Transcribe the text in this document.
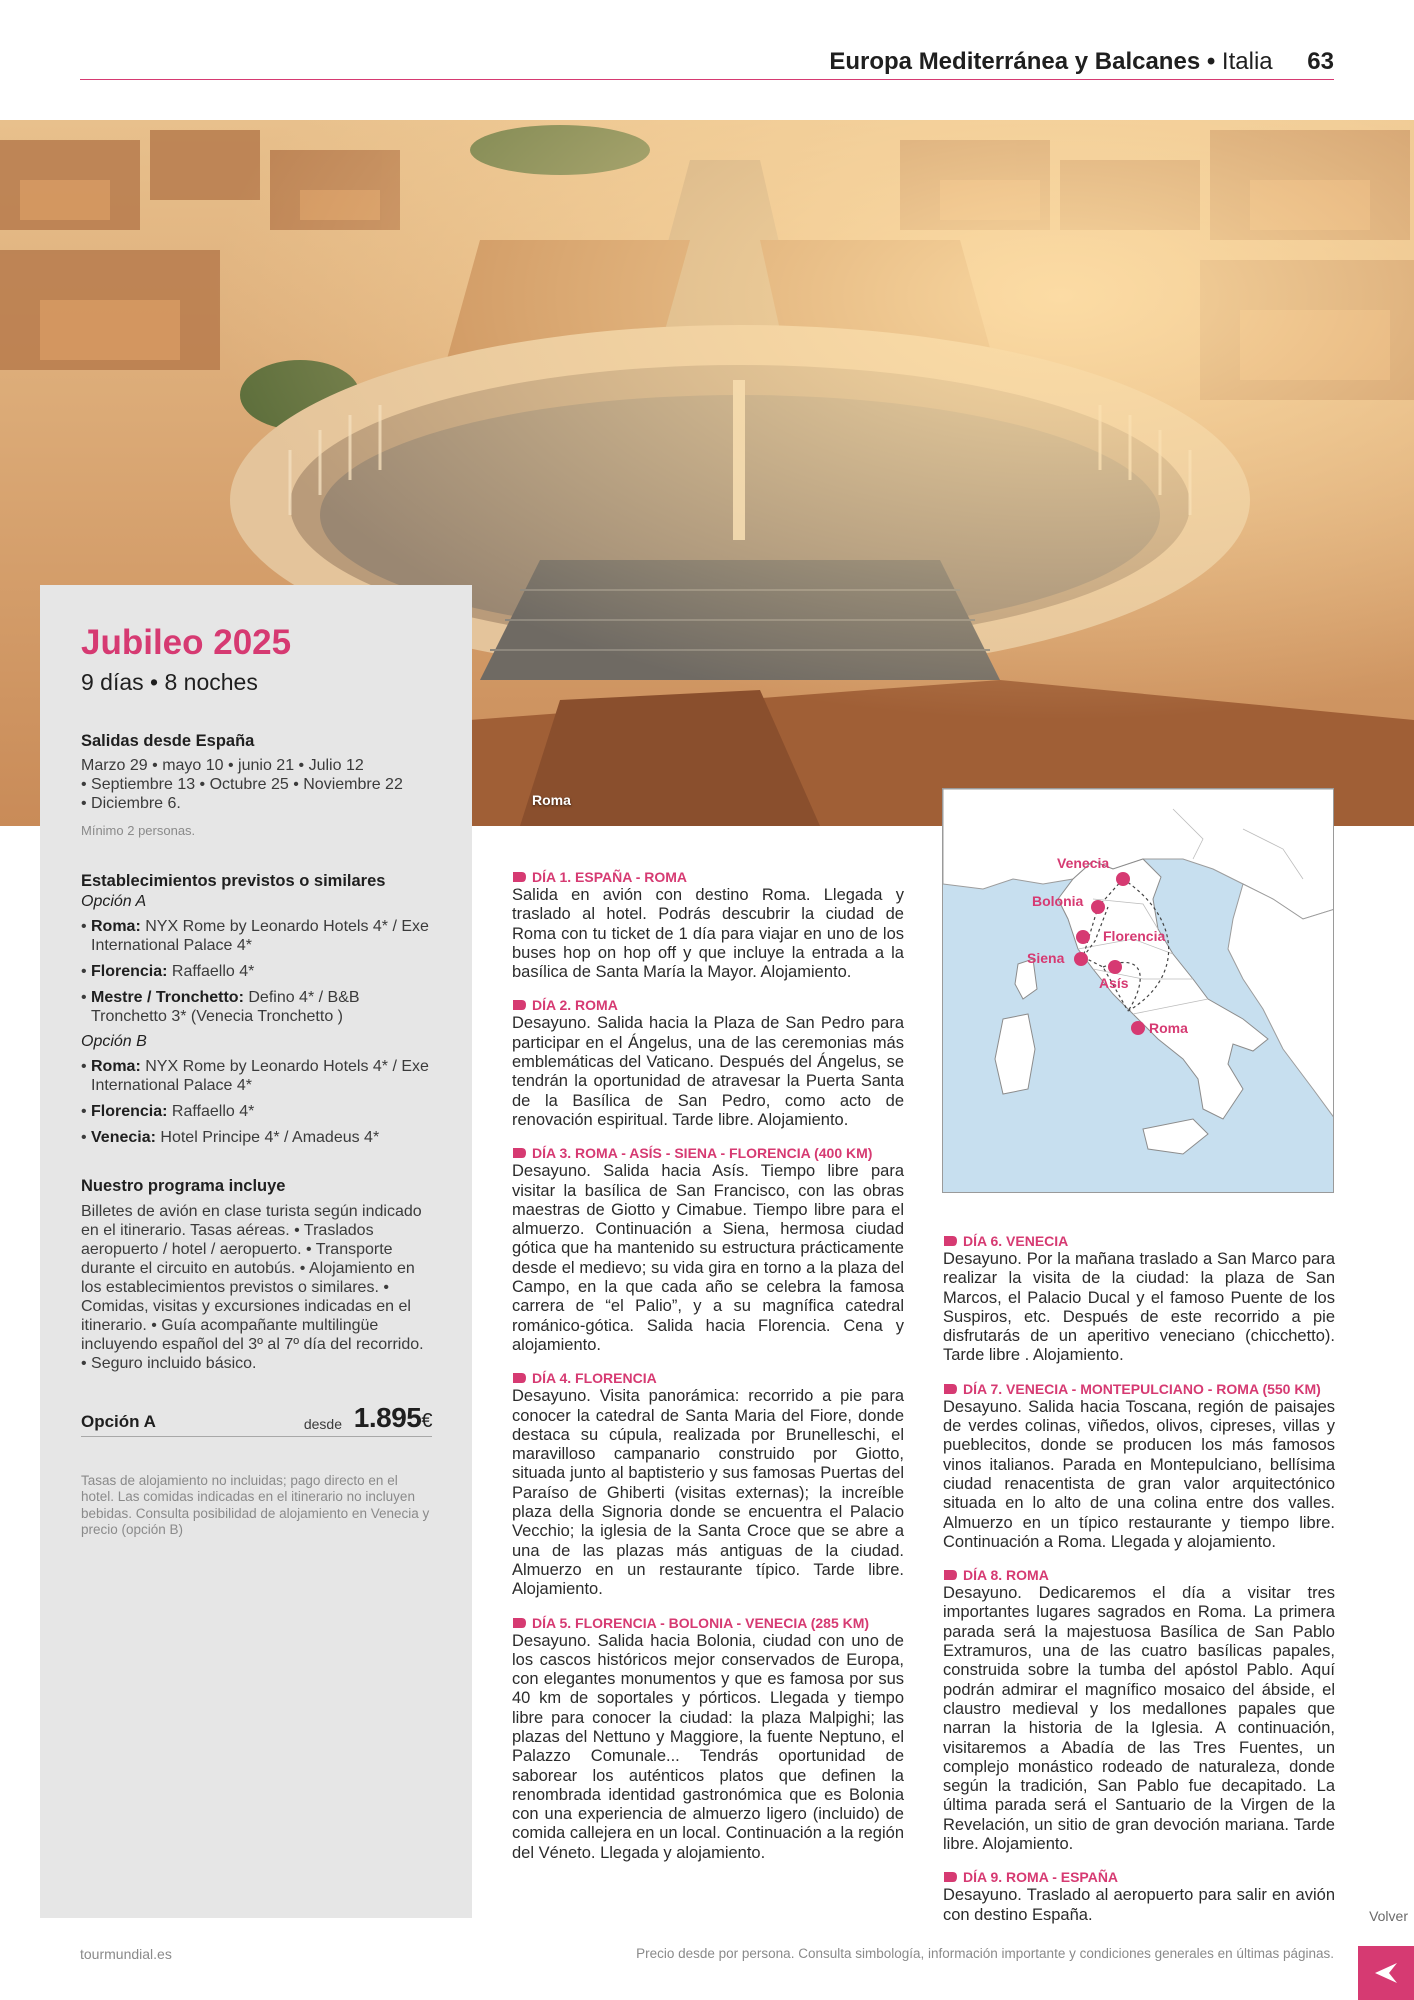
Europa Mediterránea y Balcanes • Italia 63
Roma
Jubileo 2025
9 días • 8 noches
Salidas desde España
Marzo 29 • mayo 10 • junio 21 • Julio 12
• Septiembre 13 • Octubre 25 • Noviembre 22
• Diciembre 6.
Mínimo 2 personas.
Establecimientos previstos o similares
Opción A
• Roma: NYX Rome by Leonardo Hotels 4* / Exe International Palace 4*
• Florencia: Raffaello 4*
• Mestre / Tronchetto: Defino 4* / B&B Tronchetto 3* (Venecia Tronchetto )
Opción B
• Roma: NYX Rome by Leonardo Hotels 4* / Exe International Palace 4*
• Florencia: Raffaello 4*
• Venecia: Hotel Principe 4* / Amadeus 4*
Nuestro programa incluye
Billetes de avión en clase turista según indicado en el itinerario. Tasas aéreas. • Traslados aeropuerto / hotel / aeropuerto. • Transporte durante el circuito en autobús. • Alojamiento en los establecimientos previstos o similares. • Comidas, visitas y excursiones indicadas en el itinerario. • Guía acompañante multilingüe incluyendo español del 3º al 7º día del recorrido. • Seguro incluido básico.
Opción A	desde 1.895€
Tasas de alojamiento no incluidas; pago directo en el hotel. Las comidas indicadas en el itinerario no incluyen bebidas. Consulta posibilidad de alojamiento en Venecia y precio (opción B)
Venecia
Bolonia
Florencia
Siena
Asís
Roma
DÍA 1. ESPAÑA - ROMA
Salida en avión con destino Roma. Llegada y traslado al hotel. Podrás descubrir la ciudad de Roma con tu ticket de 1 día para viajar en uno de los buses hop on hop off y que incluye la entrada a la basílica de Santa María la Mayor. Alojamiento.
DÍA 2. ROMA
Desayuno. Salida hacia la Plaza de San Pedro para participar en el Ángelus, una de las ceremonias más emblemáticas del Vaticano. Después del Ángelus, se tendrán la oportunidad de atravesar la Puerta Santa de la Basílica de San Pedro, como acto de renovación espiritual. Tarde libre. Alojamiento.
DÍA 3. ROMA - ASÍS - SIENA - FLORENCIA (400 KM)
Desayuno. Salida hacia Asís. Tiempo libre para visitar la basílica de San Francisco, con las obras maestras de Giotto y Cimabue. Tiempo libre para el almuerzo. Continuación a Siena, hermosa ciudad gótica que ha mantenido su estructura prácticamente desde el medievo; su vida gira en torno a la plaza del Campo, en la que cada año se celebra la famosa carrera de “el Palio”, y a su magnífica catedral románico-gótica. Salida hacia Florencia. Cena y alojamiento.
DÍA 4. FLORENCIA
Desayuno. Visita panorámica: recorrido a pie para conocer la catedral de Santa Maria del Fiore, donde destaca su cúpula, realizada por Brunelleschi, el maravilloso campanario construido por Giotto, situada junto al baptisterio y sus famosas Puertas del Paraíso de Ghiberti (visitas externas); la increíble plaza della Signoria donde se encuentra el Palacio Vecchio; la iglesia de la Santa Croce que se abre a una de las plazas más antiguas de la ciudad. Almuerzo en un restaurante típico. Tarde libre. Alojamiento.
DÍA 5. FLORENCIA - BOLONIA - VENECIA (285 KM)
Desayuno. Salida hacia Bolonia, ciudad con uno de los cascos históricos mejor conservados de Europa, con elegantes monumentos y que es famosa por sus 40 km de soportales y pórticos. Llegada y tiempo libre para conocer la ciudad: la plaza Malpighi; las plazas del Nettuno y Maggiore, la fuente Neptuno, el Palazzo Comunale... Tendrás oportunidad de saborear los auténticos platos que definen la renombrada identidad gastronómica que es Bolonia con una experiencia de almuerzo ligero (incluido) de comida callejera en un local. Continuación a la región del Véneto. Llegada y alojamiento.
DÍA 6. VENECIA
Desayuno. Por la mañana traslado a San Marco para realizar la visita de la ciudad: la plaza de San Marcos, el Palacio Ducal y el famoso Puente de los Suspiros, etc. Después de este recorrido a pie disfrutarás de un aperitivo veneciano (chicchetto). Tarde libre . Alojamiento.
DÍA 7. VENECIA - MONTEPULCIANO - ROMA (550 KM)
Desayuno. Salida hacia Toscana, región de paisajes de verdes colinas, viñedos, olivos, cipreses, villas y pueblecitos, donde se producen los más famosos vinos italianos. Parada en Montepulciano, bellísima ciudad renacentista de gran valor arquitectónico situada en lo alto de una colina entre dos valles. Almuerzo en un típico restaurante y tiempo libre. Continuación a Roma. Llegada y alojamiento.
DÍA 8. ROMA
Desayuno. Dedicaremos el día a visitar tres importantes lugares sagrados en Roma. La primera parada será la majestuosa Basílica de San Pablo Extramuros, una de las cuatro basílicas papales, construida sobre la tumba del apóstol Pablo. Aquí podrán admirar el magnífico mosaico del ábside, el claustro medieval y los medallones papales que narran la historia de la Iglesia. A continuación, visitaremos a Abadía de las Tres Fuentes, un complejo monástico rodeado de naturaleza, donde según la tradición, San Pablo fue decapitado. La última parada será el Santuario de la Virgen de la Revelación, un sitio de gran devoción mariana. Tarde libre. Alojamiento.
DÍA 9. ROMA - ESPAÑA
Desayuno. Traslado al aeropuerto para salir en avión con destino España.
tourmundial.es	Precio desde por persona. Consulta simbología, información importante y condiciones generales en últimas páginas.
Volver
